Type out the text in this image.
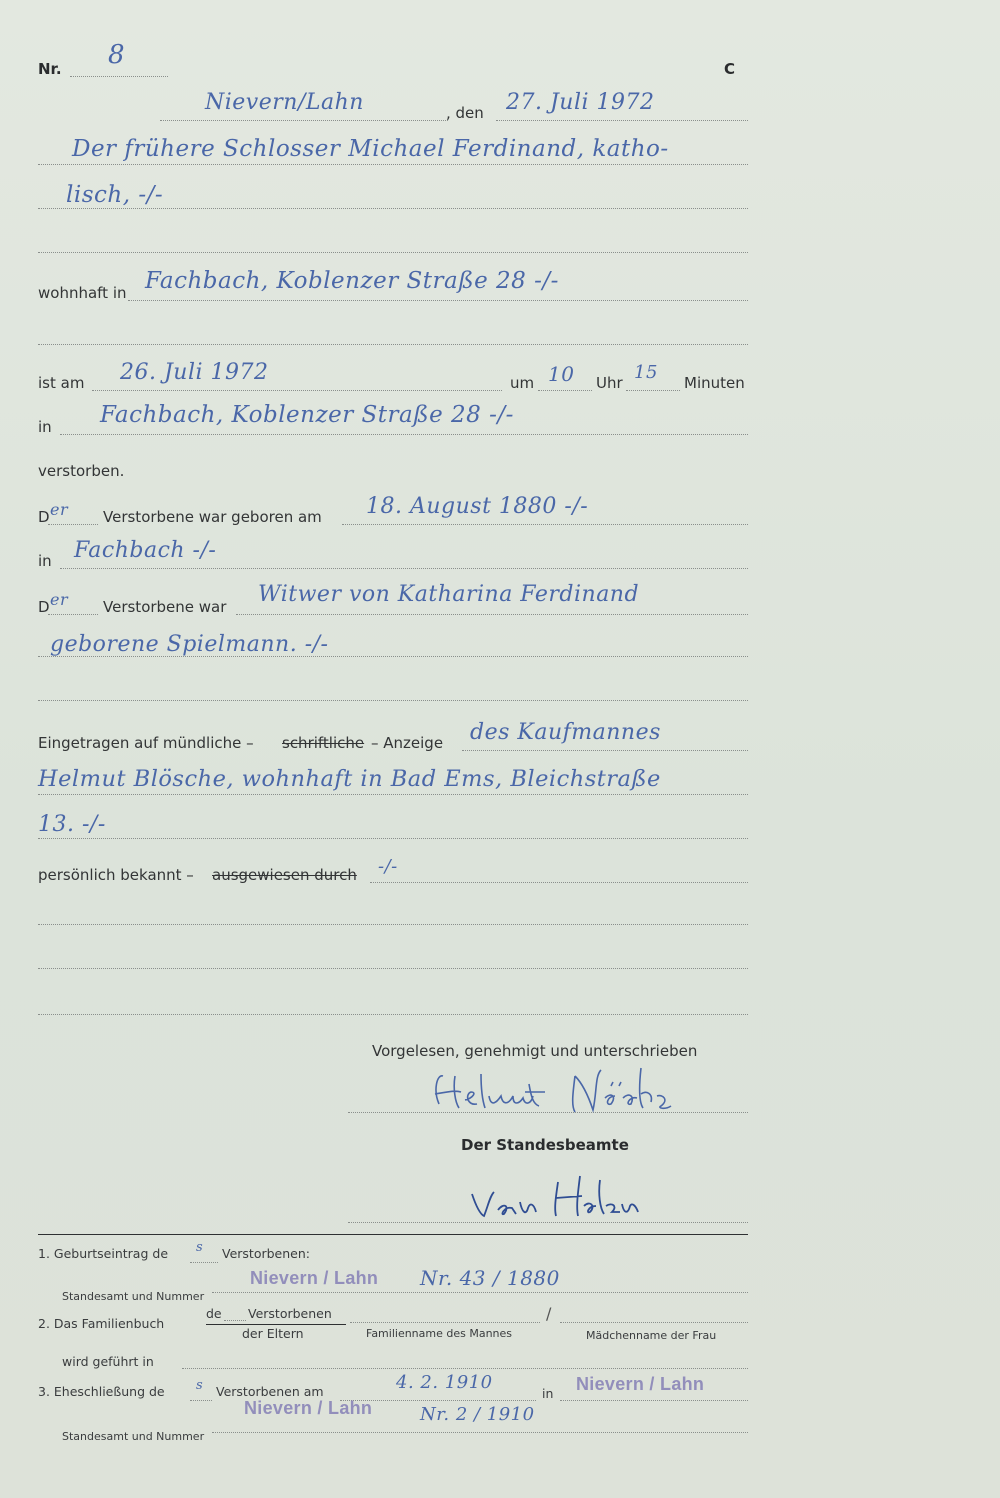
Nr. 8	C
Nievern/Lahn	, den 27. Juli 1972
Der frühere Schlosser Michael Ferdinand, katho-
lisch, -/-
wohnhaft in Fachbach, Koblenzer Straße 28 -/-
ist am 26. Juli 1972	um 10 Uhr 15 Minuten
in Fachbach, Koblenzer Straße 28 -/-
verstorben.
D er Verstorbene war geboren am 18. August 1880 -/-
in Fachbach -/-
D er Verstorbene war Witwer von Katharina Ferdinand
geborene Spielmann. -/-
Eingetragen auf mündliche – schriftliche – Anzeige des Kaufmannes
Helmut Blösche, wohnhaft in Bad Ems, Bleichstraße
13. -/-
persönlich bekannt – ausgewiesen durch -/-
Vorgelesen, genehmigt und unterschrieben
Der Standesbeamte
1. Geburtseintrag de s Verstorbenen:
Nievern / Lahn Nr. 43 / 1880
Standesamt und Nummer
2. Das Familienbuch
de Verstorbenen
der Eltern
/
Familienname des Mannes	Mädchenname der Frau
wird geführt in
3. Eheschließung de s Verstorbenen am	4. 2. 1910
in Nievern / Lahn
Nievern / Lahn	Nr. 2 / 1910
Standesamt und Nummer
